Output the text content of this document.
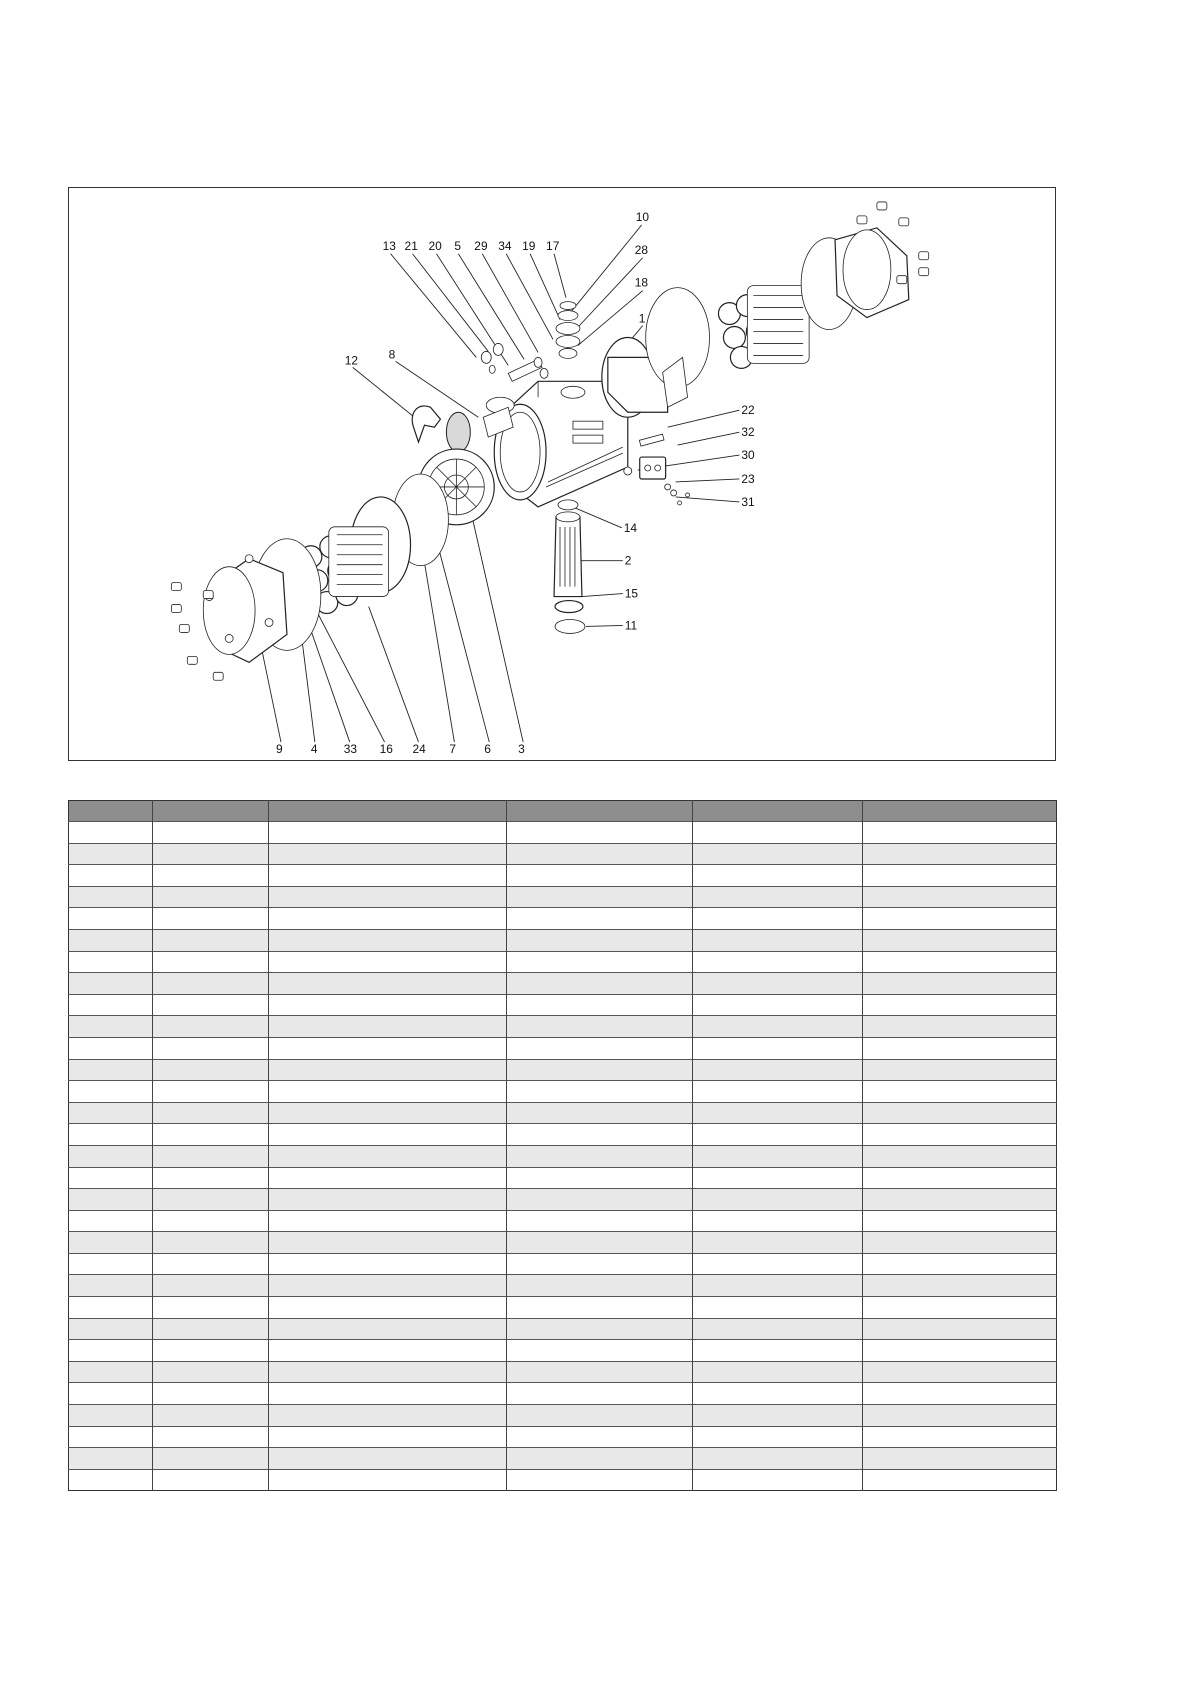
10
13 21 20 5 29 34 19 17	28
18
1
12	8
22
32
30
23
31
14
2
15
11
9 4 33 16 24 7 6 3
